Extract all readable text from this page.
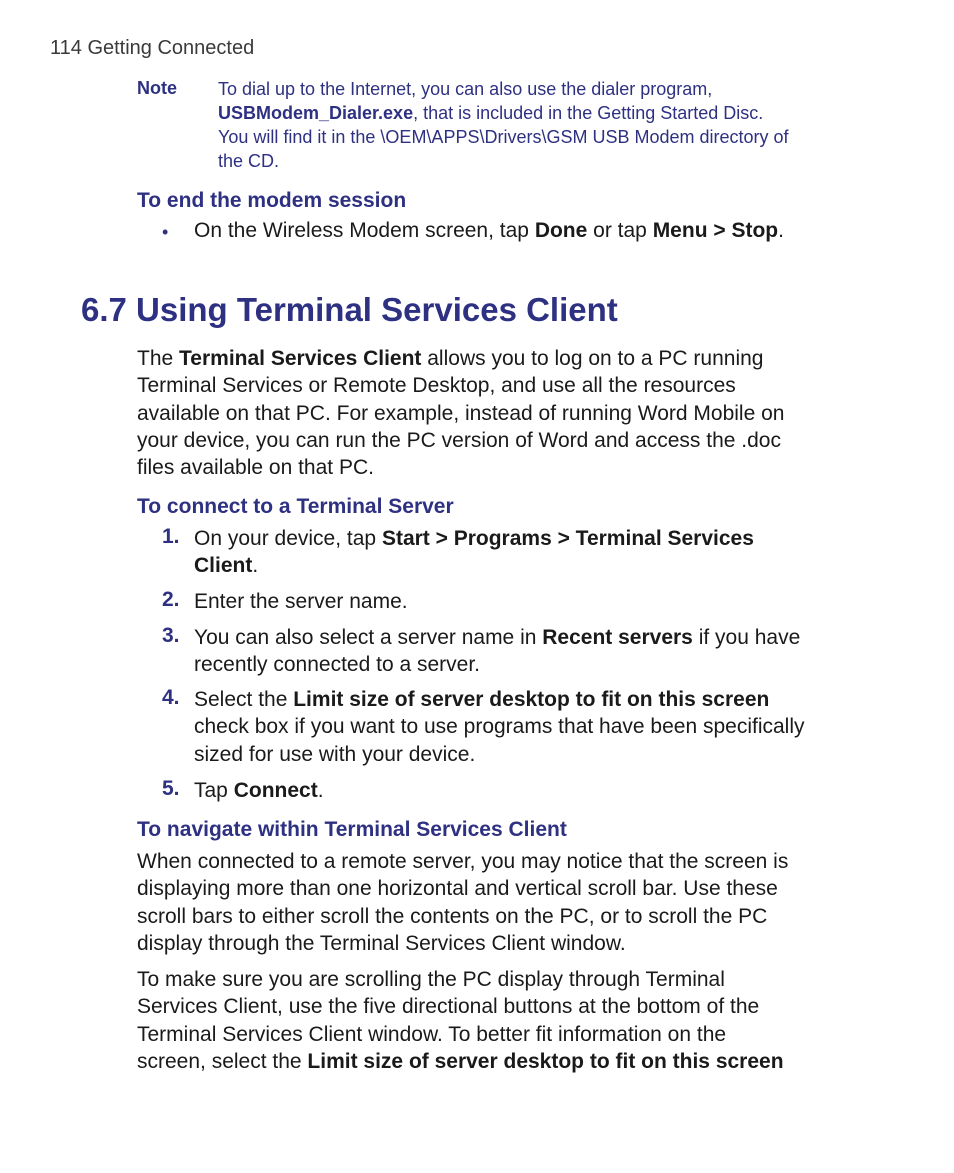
114 Getting Connected
Note To dial up to the Internet, you can also use the dialer program,
USBModem_Dialer.exe, that is included in the Getting Started Disc.
You will find it in the \OEM\APPS\Drivers\GSM USB Modem directory of
the CD.
To end the modem session
• On the Wireless Modem screen, tap Done or tap Menu > Stop.
6.7 Using Terminal Services Client
The Terminal Services Client allows you to log on to a PC running
Terminal Services or Remote Desktop, and use all the resources
available on that PC. For example, instead of running Word Mobile on
your device, you can run the PC version of Word and access the .doc
files available on that PC.
To connect to a Terminal Server
1. On your device, tap Start > Programs > Terminal Services
Client.
2. Enter the server name.
3. You can also select a server name in Recent servers if you have
recently connected to a server.
4. Select the Limit size of server desktop to fit on this screen
check box if you want to use programs that have been specifically
sized for use with your device.
5. Tap Connect.
To navigate within Terminal Services Client
When connected to a remote server, you may notice that the screen is
displaying more than one horizontal and vertical scroll bar. Use these
scroll bars to either scroll the contents on the PC, or to scroll the PC
display through the Terminal Services Client window.
To make sure you are scrolling the PC display through Terminal
Services Client, use the five directional buttons at the bottom of the
Terminal Services Client window. To better fit information on the
screen, select the Limit size of server desktop to fit on this screen
